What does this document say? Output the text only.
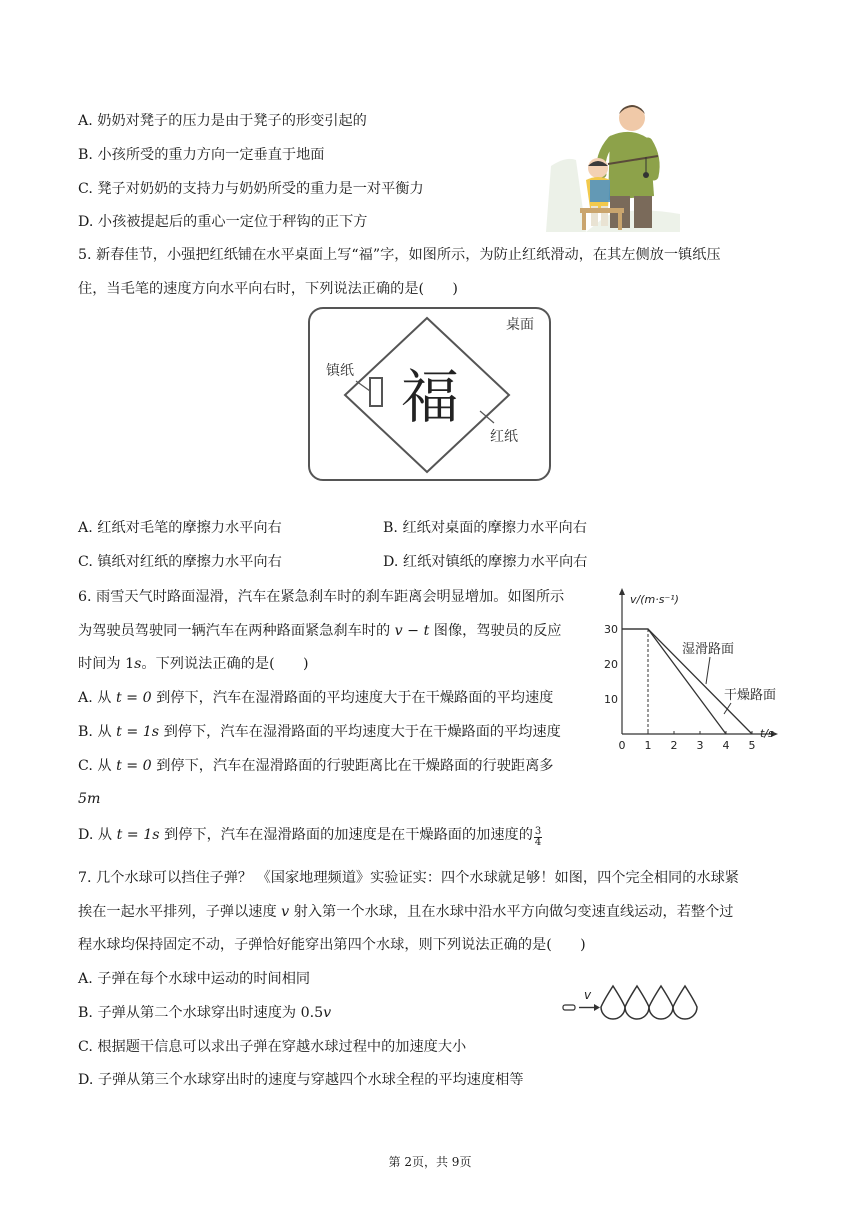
A. 奶奶对凳子的压力是由于凳子的形变引起的
B. 小孩所受的重力方向一定垂直于地面
C. 凳子对奶奶的支持力与奶奶所受的重力是一对平衡力
D. 小孩被提起后的重心一定位于秤钩的正下方
5. 新春佳节，小强把红纸铺在水平桌面上写“福”字，如图所示，为防止红纸滑动，在其左侧放一镇纸压
住，当毛笔的速度方向水平向右时，下列说法正确的是(  )
桌面
镇纸
红纸
福
A. 红纸对毛笔的摩擦力水平向右	B. 红纸对桌面的摩擦力水平向右
C. 镇纸对红纸的摩擦力水平向右	D. 红纸对镇纸的摩擦力水平向右
6. 雨雪天气时路面湿滑，汽车在紧急刹车时的刹车距离会明显增加。如图所示
为驾驶员驾驶同一辆汽车在两种路面紧急刹车时的 v − t 图像，驾驶员的反应
时间为 1s。下列说法正确的是(  )
A. 从 t = 0 到停下，汽车在湿滑路面的平均速度大于在干燥路面的平均速度
B. 从 t = 1s 到停下，汽车在湿滑路面的平均速度大于在干燥路面的平均速度
C. 从 t = 0 到停下，汽车在湿滑路面的行驶距离比在干燥路面的行驶距离多
5m
D. 从 t = 1s 到停下，汽车在湿滑路面的加速度是在干燥路面的加速度的 $\frac{3}{4}$
v/(m·s⁻¹)
t/s
0 1 2 3 4 5
10
20
30
湿滑路面
干燥路面
7. 几个水球可以挡住子弹？ 《国家地理频道》实验证实：四个水球就足够！如图，四个完全相同的水球紧
挨在一起水平排列，子弹以速度 v 射入第一个水球，且在水球中沿水平方向做匀变速直线运动，若整个过
程水球均保持固定不动，子弹恰好能穿出第四个水球，则下列说法正确的是(  )
A. 子弹在每个水球中运动的时间相同
B. 子弹从第二个水球穿出时速度为 0.5v
C. 根据题干信息可以求出子弹在穿越水球过程中的加速度大小
D. 子弹从第三个水球穿出时的速度与穿越四个水球全程的平均速度相等
v
第 2页，共 9页
